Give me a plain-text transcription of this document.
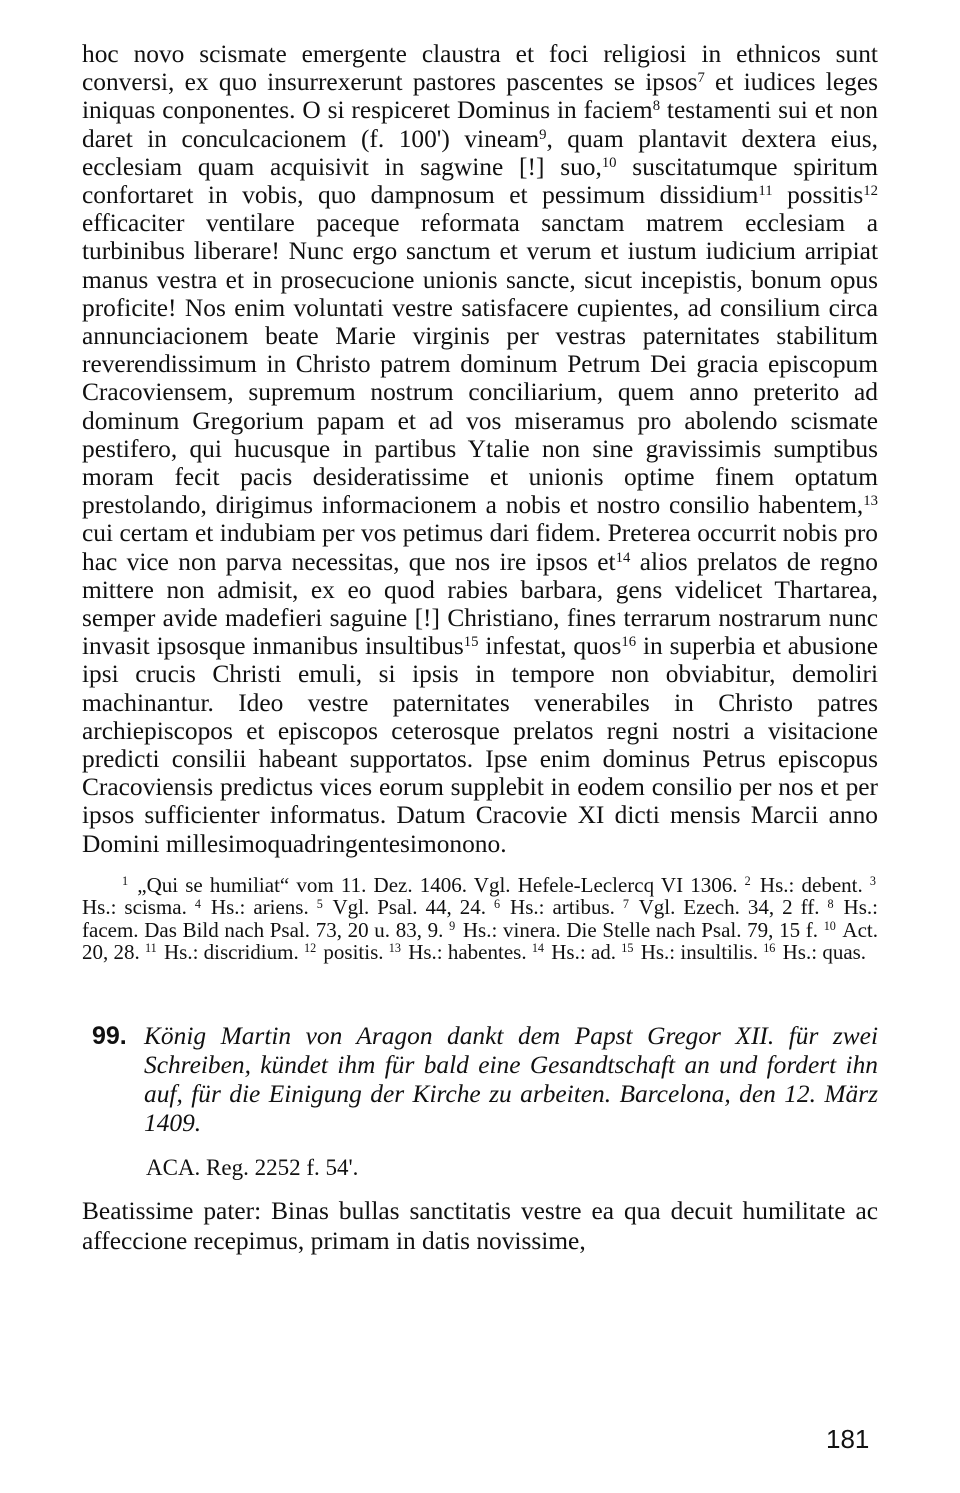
hoc novo scismate emergente claustra et foci religiosi in ethnicos sunt conversi, ex quo insurrexerunt pastores pascentes se ipsos$^7$ et iudices leges iniquas conponentes. O si respiceret Dominus in faciem$^8$ testamenti sui et non daret in conculcacionem (f. 100') vineam$^9$, quam plantavit dextera eius, ecclesiam quam acquisivit in sagwine [!] suo,$^{10}$ suscitatumque spiritum confortaret in vobis, quo dampnosum et pessimum dissidium$^{11}$ possitis$^{12}$ efficaciter ventilare paceque reformata sanctam matrem ecclesiam a turbinibus liberare! Nunc ergo sanctum et verum et iustum iudicium arripiat manus vestra et in prosecucione unionis sancte, sicut incepistis, bonum opus proficite! Nos enim voluntati vestre satisfacere cupientes, ad consilium circa annunciacionem beate Marie virginis per vestras paternitates stabilitum reverendissimum in Christo patrem dominum Petrum Dei gracia episcopum Cracoviensem, supremum nostrum conciliarium, quem anno preterito ad dominum Gregorium papam et ad vos miseramus pro abolendo scismate pestifero, qui hucusque in partibus Ytalie non sine gravissimis sumptibus moram fecit pacis desideratissime et unionis optime finem optatum prestolando, dirigimus informacionem a nobis et nostro consilio habentem,$^{13}$ cui certam et indubiam per vos petimus dari fidem. Preterea occurrit nobis pro hac vice non parva necessitas, que nos ire ipsos $et^{14}$ alios prelatos de regno mittere non admisit, ex eo quod rabies barbara, gens videlicet Thartarea, semper avide madefieri saguine [!] Christiano, fines terrarum nostrarum nunc invasit ipsosque inmanibus insultibus$^{15}$ infestat, quos$^{16}$ in superbia et abusione ipsi crucis Christi emuli, si ipsis in tempore non obviabitur, demoliri machinantur. Ideo vestre paternitates venerabiles in Christo patres archiepiscopos et episcopos ceterosque prelatos regni nostri a visitacione predicti consilii habeant supportatos. Ipse enim dominus Petrus episcopus Cracoviensis predictus vices eorum supplebit in eodem consilio per nos et per ipsos sufficienter informatus. Datum Cracovie XI dicti mensis Marcii anno Domini millesimoquadringentesimonono.

$^1$ „Qui se humiliat“ vom 11. Dez. 1406. Vgl. Hefele-Leclercq VI 1306. $^2$ Hs.: debent. $^3$ Hs.: scisma. $^4$ Hs.: ariens. $^5$ Vgl. Psal. 44, 24. $^6$ Hs.: artibus. $^7$ Vgl. Ezech. 34, 2 ff. $^8$ Hs.: facem. Das Bild nach Psal. 73, 20 u. 83, 9. $^9$ Hs.: vinera. Die Stelle nach Psal. 79, 15 f. $^{10}$ Act. 20, 28. $^{11}$ Hs.: discridium. $^{12}$ positis. $^{13}$ Hs.: habentes. $^{14}$ Hs.: ad. $^{15}$ Hs.: insultilis. $^{16}$ Hs.: quas.
99. König Martin von Aragon dankt dem Papst Gregor XII. für zwei Schreiben, kündet ihm für bald eine Gesandtschaft an und fordert ihn auf, für die Einigung der Kirche zu arbeiten. Barcelona, den 12. März 1409.
ACA. Reg. 2252 f. 54'.

Beatissime pater: Binas bullas sanctitatis vestre ea qua decuit humilitate ac affeccione recepimus, primam in datis novissime,

181
